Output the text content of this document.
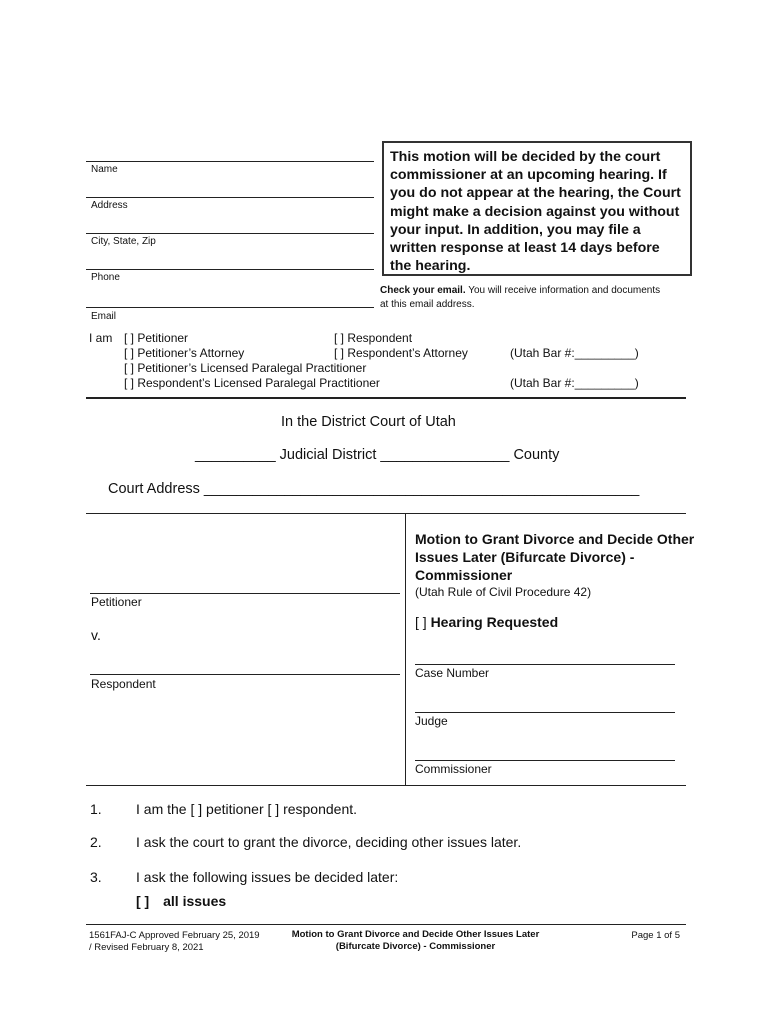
Name
Address
City, State, Zip
Phone
Email
This motion will be decided by the court commissioner at an upcoming hearing. If you do not appear at the hearing, the Court might make a decision against you without your input. In addition, you may file a written response at least 14 days before the hearing.
Check your email. You will receive information and documents at this email address.
I am [ ] Petitioner	[ ] Respondent
[ ] Petitioner’s Attorney	[ ] Respondent’s Attorney	(Utah Bar #:_________)
[ ] Petitioner’s Licensed Paralegal Practitioner
[ ] Respondent’s Licensed Paralegal Practitioner	(Utah Bar #:_________)
In the District Court of Utah
__________ Judicial District ________________ County
Court Address ______________________________________________________
Petitioner
v.
Respondent
Motion to Grant Divorce and Decide Other Issues Later (Bifurcate Divorce) - Commissioner
(Utah Rule of Civil Procedure 42)
[ ] Hearing Requested
Case Number
Judge
Commissioner
1. I am the [ ] petitioner [ ] respondent.
2. I ask the court to grant the divorce, deciding other issues later.
3. I ask the following issues be decided later:
[ ] all issues
1561FAJ-C Approved February 25, 2019 / Revised February 8, 2021
Motion to Grant Divorce and Decide Other Issues Later (Bifurcate Divorce) - Commissioner
Page 1 of 5
